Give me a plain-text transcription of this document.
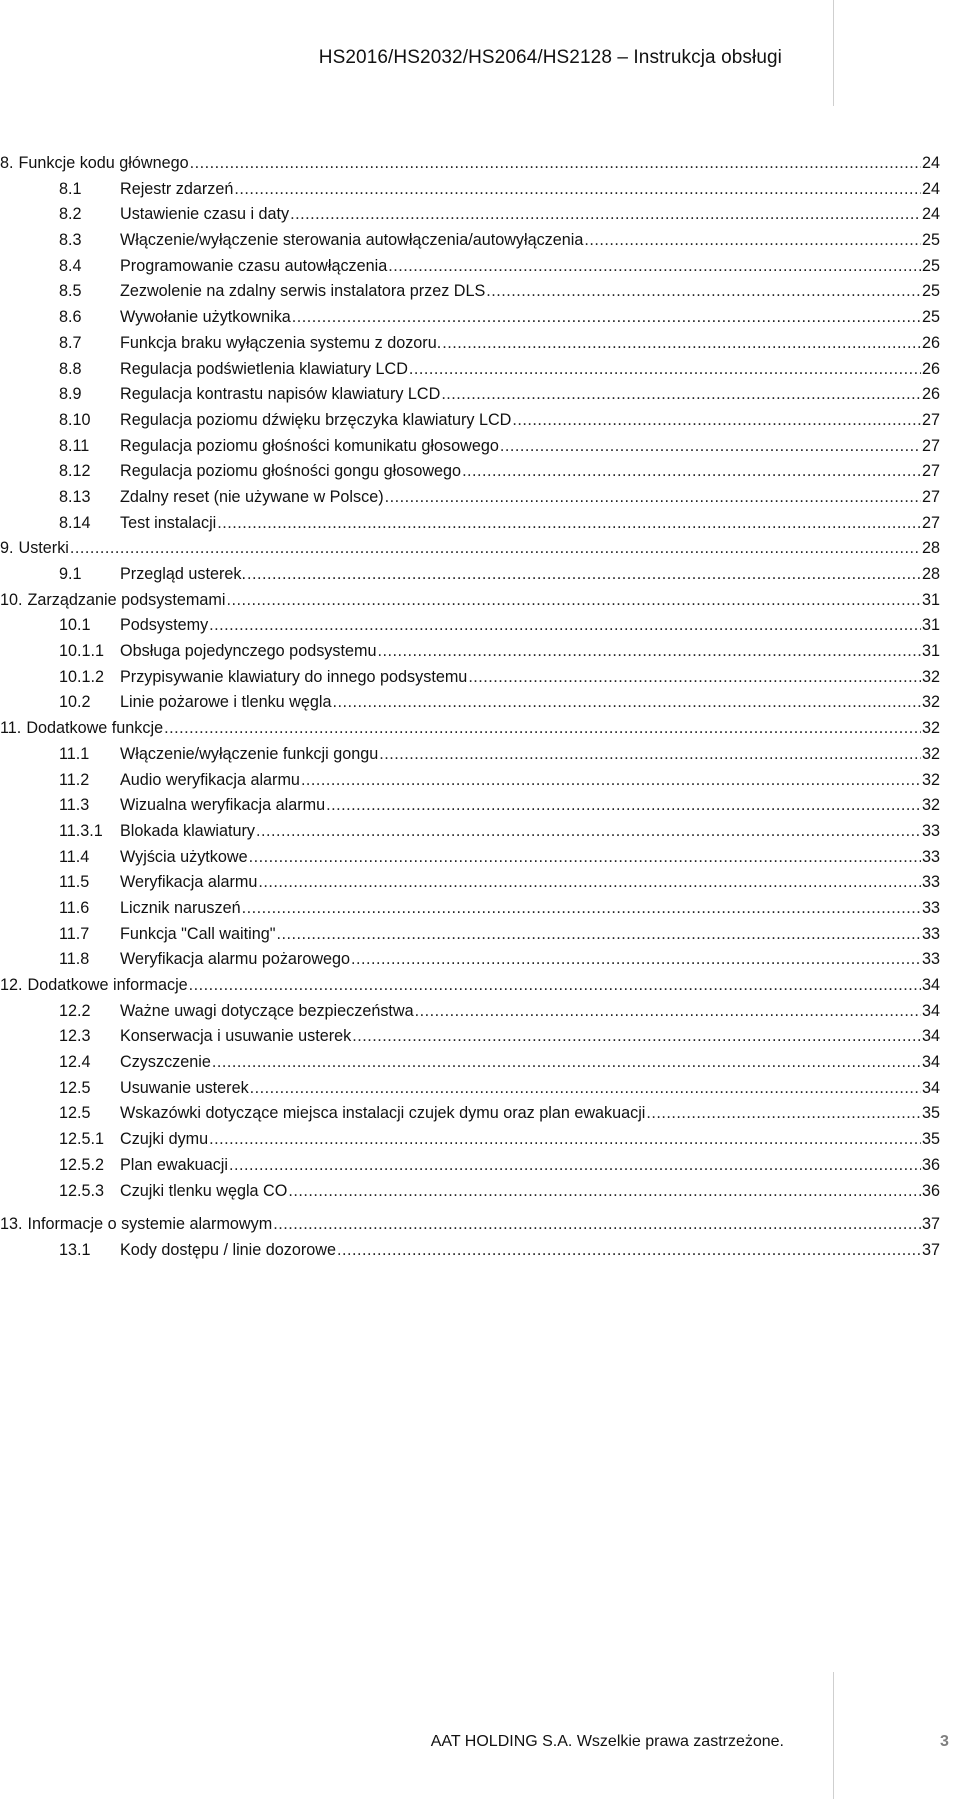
HS2016/HS2032/HS2064/HS2128 – Instrukcja obsługi
8. Funkcje kodu głównego .....	24
8.1	Rejestr zdarzeń .....	24
8.2	Ustawienie czasu i daty .....	24
8.3	Włączenie/wyłączenie sterowania autowłączenia/autowyłączenia .....	25
8.4	Programowanie czasu autowłączenia .....	25
8.5	Zezwolenie na zdalny serwis instalatora przez DLS .....	25
8.6	Wywołanie użytkownika .....	25
8.7	Funkcja braku wyłączenia systemu z dozoru. .....	26
8.8	Regulacja podświetlenia klawiatury LCD .....	26
8.9	Regulacja kontrastu napisów klawiatury LCD .....	26
8.10	Regulacja poziomu dźwięku brzęczyka klawiatury LCD .....	27
8.11	Regulacja poziomu głośności komunikatu głosowego .....	27
8.12	Regulacja poziomu głośności gongu głosowego .....	27
8.13	Zdalny reset (nie używane w Polsce) .....	27
8.14	Test instalacji .....	27
9. Usterki .....	28
9.1	Przegląd usterek. .....	28
10. Zarządzanie podsystemami .....	31
10.1	Podsystemy .....	31
10.1.1 Obsługa pojedynczego podsystemu .....	31
10.1.2 Przypisywanie klawiatury do innego podsystemu .....	32
10.2	Linie pożarowe i tlenku węgla .....	32
11. Dodatkowe funkcje .....	32
11.1	Włączenie/wyłączenie funkcji gongu .....	32
11.2	Audio weryfikacja alarmu .....	32
11.3	Wizualna weryfikacja alarmu .....	32
11.3.1	Blokada klawiatury .....	33
11.4	Wyjścia użytkowe .....	33
11.5	Weryfikacja alarmu .....	33
11.6	Licznik naruszeń .....	33
11.7	Funkcja "Call waiting" .....	33
11.8	Weryfikacja alarmu pożarowego .....	33
12. Dodatkowe informacje .....	34
12.2	Ważne uwagi dotyczące bezpieczeństwa .....	34
12.3	Konserwacja i usuwanie usterek .....	34
12.4	Czyszczenie .....	34
12.5	Usuwanie usterek .....	34
12.5	Wskazówki dotyczące miejsca instalacji czujek dymu oraz plan ewakuacji .....	35
12.5.1 Czujki dymu .....	35
12.5.2 Plan ewakuacji .....	36
12.5.3 Czujki tlenku węgla CO .....	36
13. Informacje o systemie alarmowym .....	37
13.1	Kody dostępu / linie dozorowe .....	37
AAT HOLDING S.A. Wszelkie prawa zastrzeżone.	3
